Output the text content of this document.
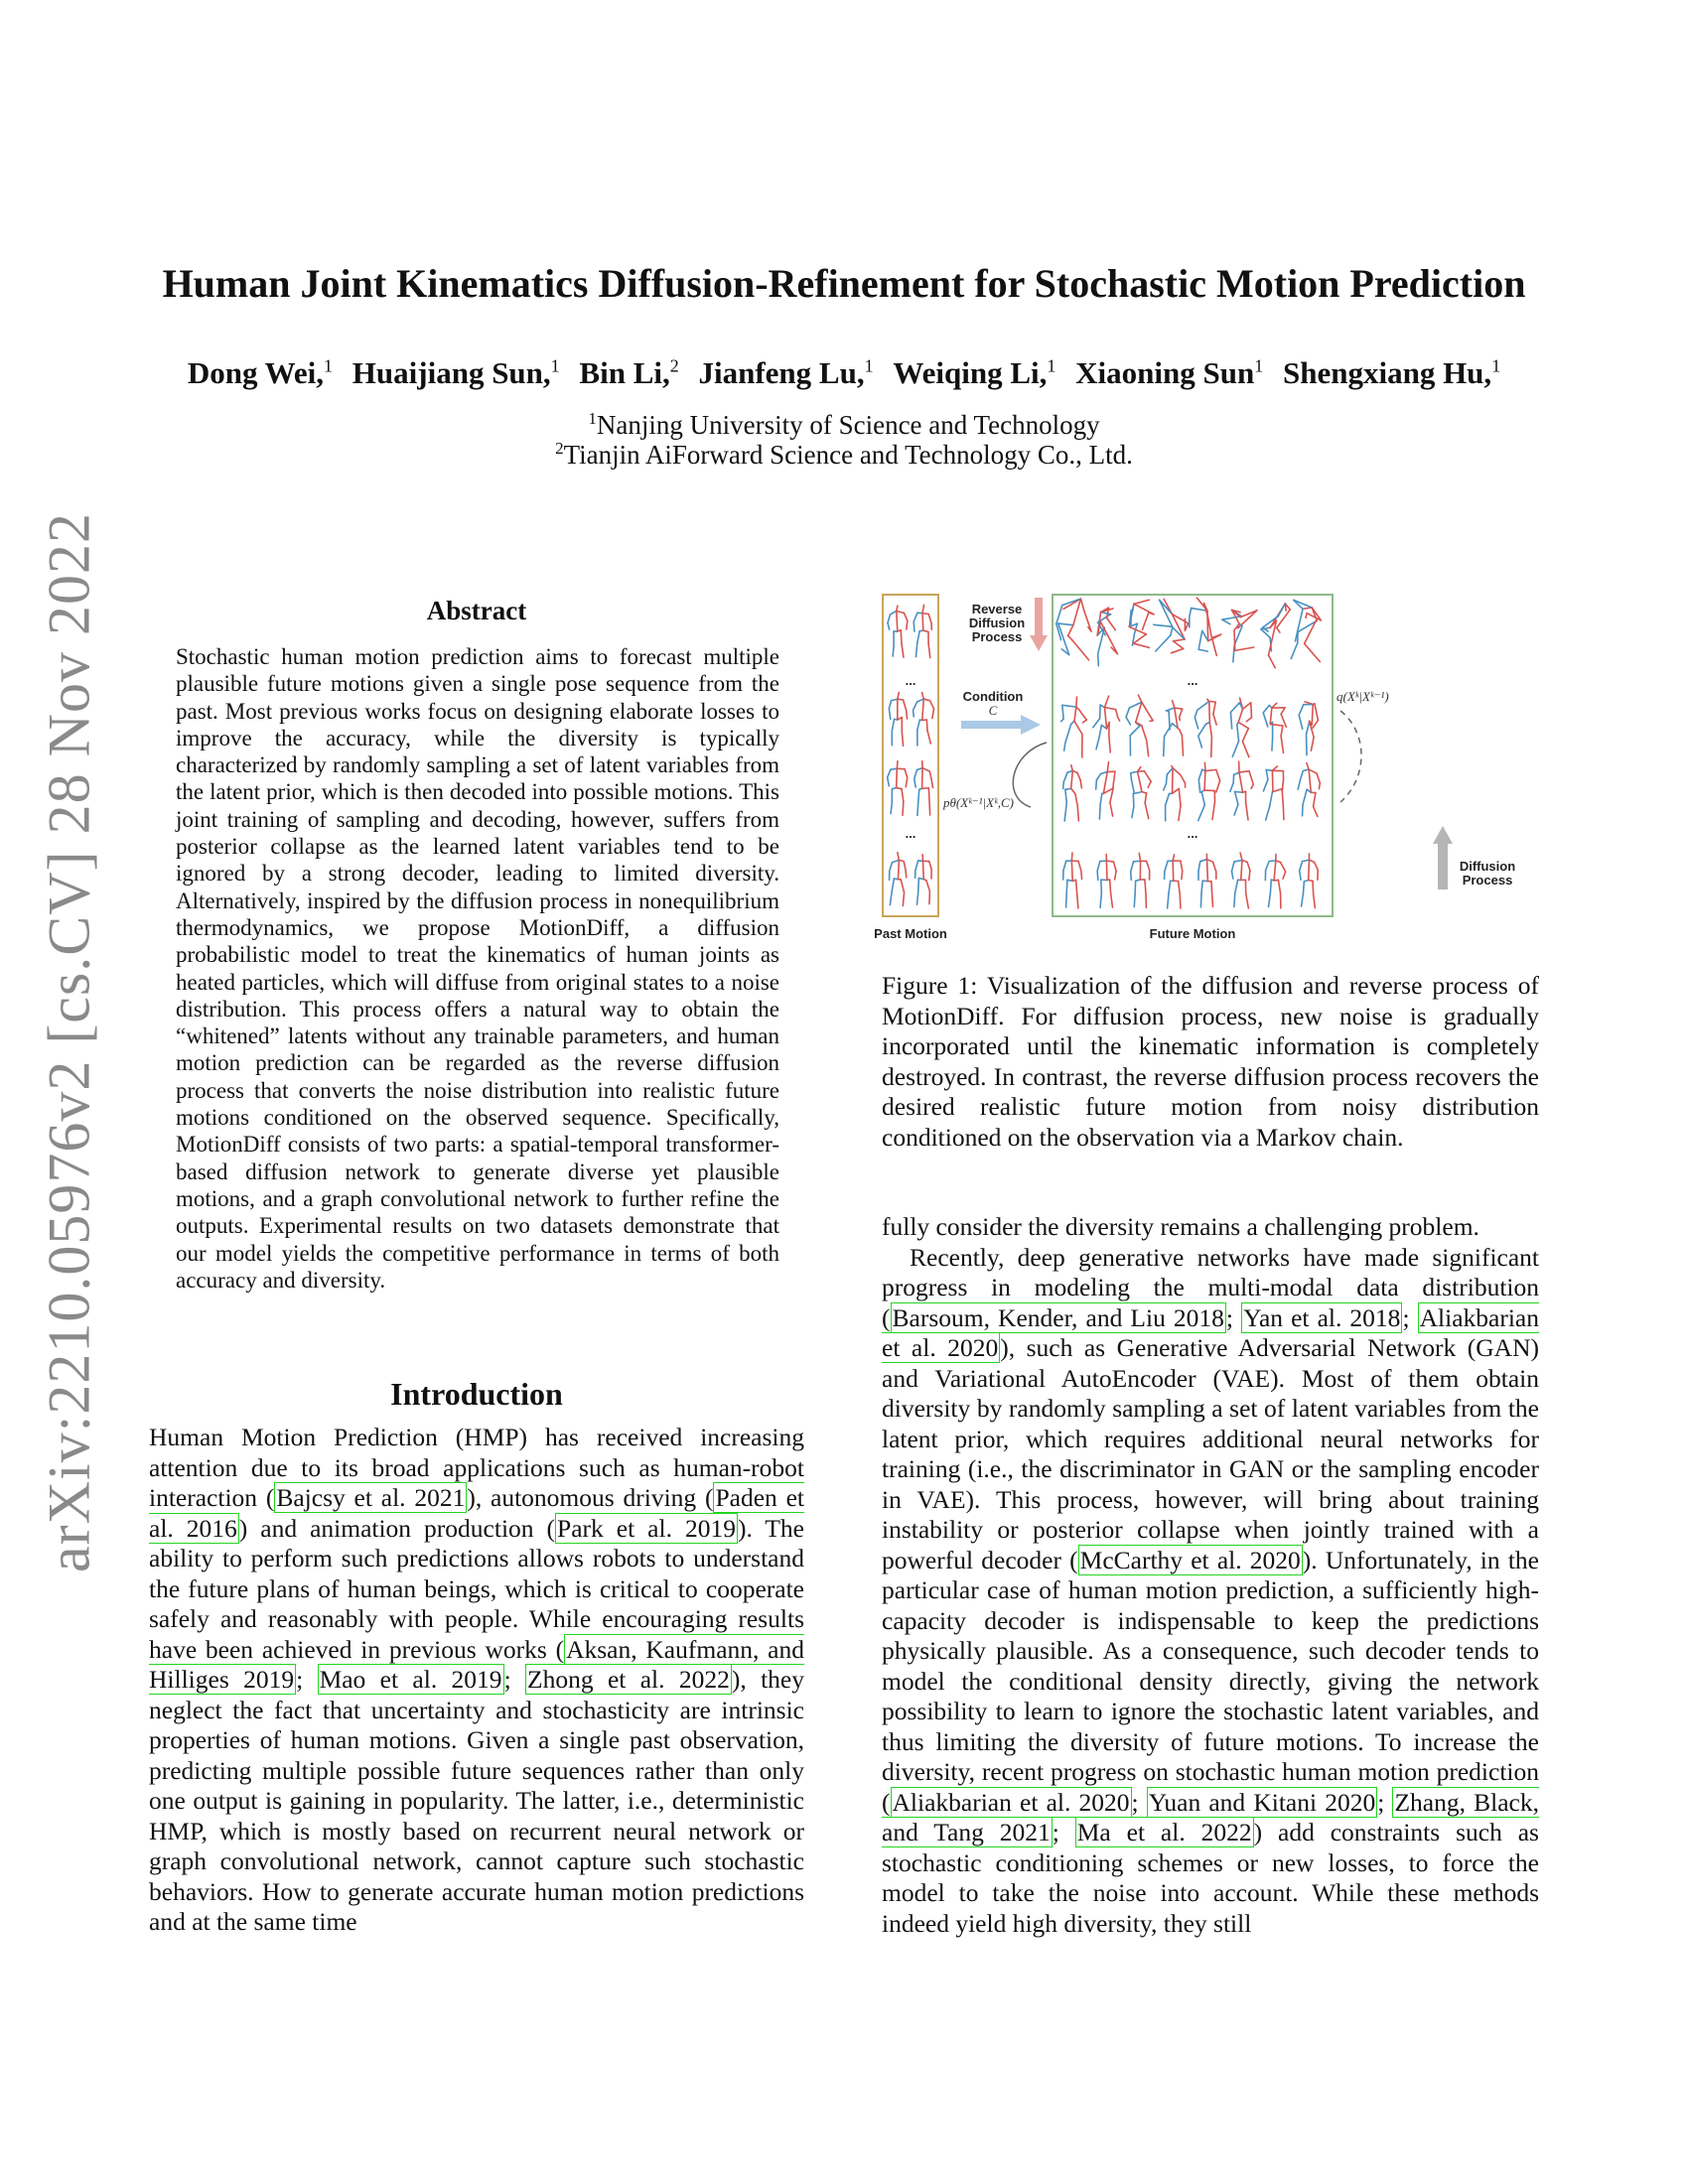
arXiv:2210.05976v2 [cs.CV] 28 Nov 2022
Human Joint Kinematics Diffusion-Refinement for Stochastic Motion Prediction
Dong Wei,$^1$ Huaijiang Sun,$^1$ Bin Li,$^2$ Jianfeng Lu,$^1$ Weiqing Li,$^1$ Xiaoning Sun$^1$ Shengxiang Hu,$^1$
$^1$Nanjing University of Science and Technology
$^2$Tianjin AiForward Science and Technology Co., Ltd.
Abstract
Stochastic human motion prediction aims to forecast multiple plausible future motions given a single pose sequence from the past. Most previous works focus on designing elaborate losses to improve the accuracy, while the diversity is typically characterized by randomly sampling a set of latent variables from the latent prior, which is then decoded into possible motions. This joint training of sampling and decoding, however, suffers from posterior collapse as the learned latent variables tend to be ignored by a strong decoder, leading to limited diversity. Alternatively, inspired by the diffusion process in nonequilibrium thermodynamics, we propose MotionDiff, a diffusion probabilistic model to treat the kinematics of human joints as heated particles, which will diffuse from original states to a noise distribution. This process offers a natural way to obtain the “whitened” latents without any trainable parameters, and human motion prediction can be regarded as the reverse diffusion process that converts the noise distribution into realistic future motions conditioned on the observed sequence. Specifically, MotionDiff consists of two parts: a spatial-temporal transformer-based diffusion network to generate diverse yet plausible motions, and a graph convolutional network to further refine the outputs. Experimental results on two datasets demonstrate that our model yields the competitive performance in terms of both accuracy and diversity.
Introduction
Human Motion Prediction (HMP) has received increasing attention due to its broad applications such as human-robot interaction (Bajcsy et al. 2021), autonomous driving (Paden et al. 2016) and animation production (Park et al. 2019). The ability to perform such predictions allows robots to understand the future plans of human beings, which is critical to cooperate safely and reasonably with people. While encouraging results have been achieved in previous works (Aksan, Kaufmann, and Hilliges 2019; Mao et al. 2019; Zhong et al. 2022), they neglect the fact that uncertainty and stochasticity are intrinsic properties of human motions. Given a single past observation, predicting multiple possible future sequences rather than only one output is gaining in popularity. The latter, i.e., deterministic HMP, which is mostly based on recurrent neural network or graph convolutional network, cannot capture such stochastic behaviors. How to generate accurate human motion predictions and at the same time
Reverse
Diffusion
Process
Condition
C
pθ(Xᵏ⁻¹|Xᵏ,C)
q(Xᵏ|Xᵏ⁻¹)
Diffusion
Process
...
...
...
...
Past Motion	Future Motion
Figure 1: Visualization of the diffusion and reverse process of MotionDiff. For diffusion process, new noise is gradually incorporated until the kinematic information is completely destroyed. In contrast, the reverse diffusion process recovers the desired realistic future motion from noisy distribution conditioned on the observation via a Markov chain.

fully consider the diversity remains a challenging problem.

Recently, deep generative networks have made significant progress in modeling the multi-modal data distribution (Barsoum, Kender, and Liu 2018; Yan et al. 2018; Aliakbarian et al. 2020), such as Generative Adversarial Network (GAN) and Variational AutoEncoder (VAE). Most of them obtain diversity by randomly sampling a set of latent variables from the latent prior, which requires additional neural networks for training (i.e., the discriminator in GAN or the sampling encoder in VAE). This process, however, will bring about training instability or posterior collapse when jointly trained with a powerful decoder (McCarthy et al. 2020). Unfortunately, in the particular case of human motion prediction, a sufficiently high-capacity decoder is indispensable to keep the predictions physically plausible. As a consequence, such decoder tends to model the conditional density directly, giving the network possibility to learn to ignore the stochastic latent variables, and thus limiting the diversity of future motions. To increase the diversity, recent progress on stochastic human motion prediction (Aliakbarian et al. 2020; Yuan and Kitani 2020; Zhang, Black, and Tang 2021; Ma et al. 2022) add constraints such as stochastic conditioning schemes or new losses, to force the model to take the noise into account. While these methods indeed yield high diversity, they still
